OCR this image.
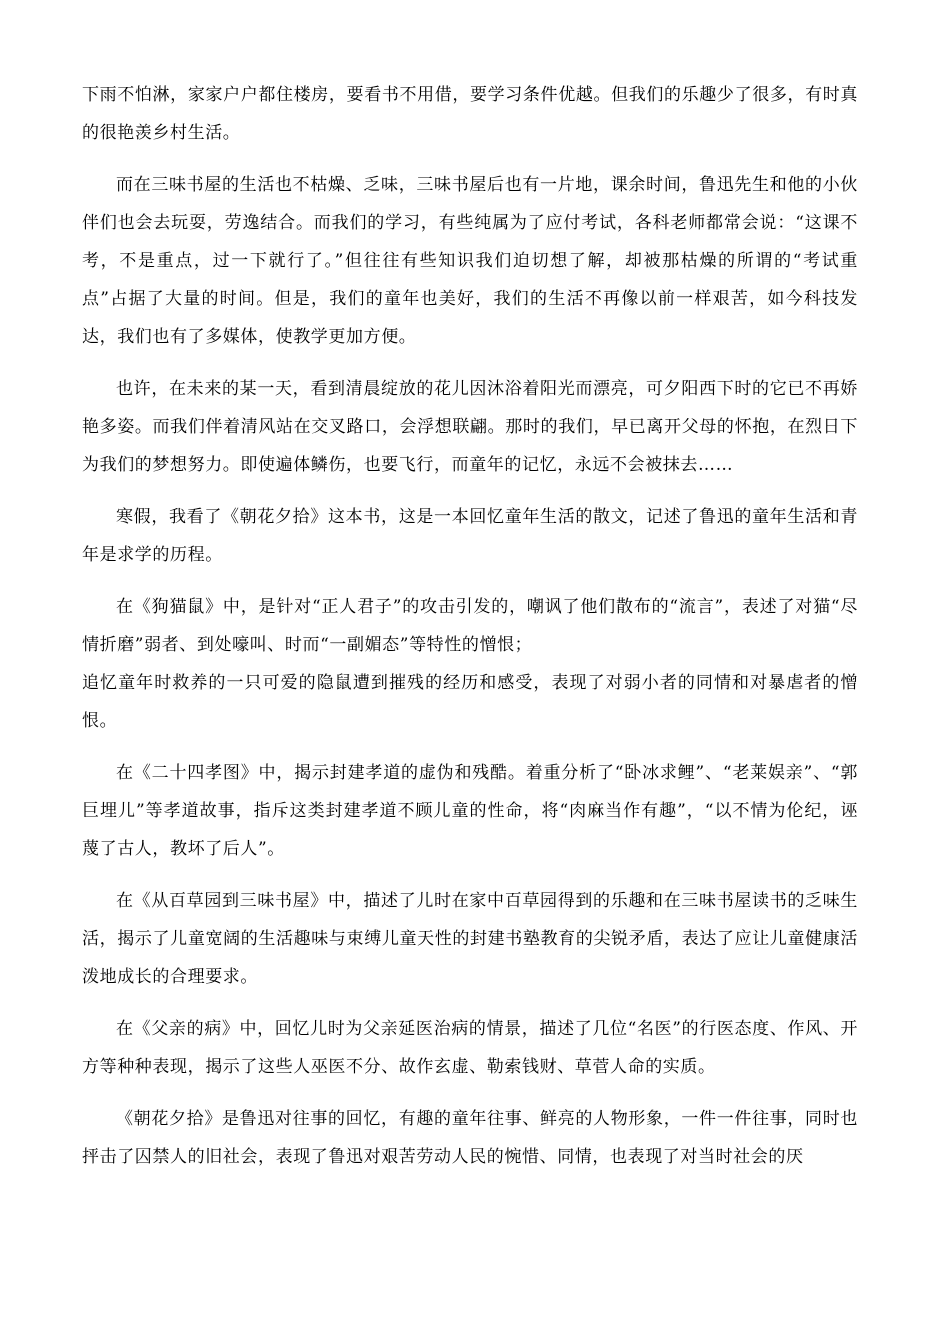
下雨不怕淋，家家户户都住楼房，要看书不用借，要学习条件优越。但我们的乐趣少了很多，有时真的很艳羡乡村生活。

而在三味书屋的生活也不枯燥、乏味，三味书屋后也有一片地，课余时间，鲁迅先生和他的小伙伴们也会去玩耍，劳逸结合。而我们的学习，有些纯属为了应付考试，各科老师都常会说：“这课不考，不是重点，过一下就行了。”但往往有些知识我们迫切想了解，却被那枯燥的所谓的“考试重点”占据了大量的时间。但是，我们的童年也美好，我们的生活不再像以前一样艰苦，如今科技发达，我们也有了多媒体，使教学更加方便。

也许，在未来的某一天，看到清晨绽放的花儿因沐浴着阳光而漂亮，可夕阳西下时的它已不再娇艳多姿。而我们伴着清风站在交叉路口，会浮想联翩。那时的我们，早已离开父母的怀抱，在烈日下为我们的梦想努力。即使遍体鳞伤，也要飞行，而童年的记忆，永远不会被抹去……

寒假，我看了《朝花夕拾》这本书，这是一本回忆童年生活的散文，记述了鲁迅的童年生活和青年是求学的历程。

在《狗猫鼠》中，是针对“正人君子”的攻击引发的，嘲讽了他们散布的“流言”，表述了对猫“尽情折磨”弱者、到处嚎叫、时而“一副媚态”等特性的憎恨；

追忆童年时救养的一只可爱的隐鼠遭到摧残的经历和感受，表现了对弱小者的同情和对暴虐者的憎恨。

在《二十四孝图》中，揭示封建孝道的虚伪和残酷。着重分析了“卧冰求鲤”、“老莱娱亲”、“郭巨埋儿”等孝道故事，指斥这类封建孝道不顾儿童的性命，将“肉麻当作有趣”，“以不情为伦纪，诬蔑了古人，教坏了后人”。

在《从百草园到三味书屋》中，描述了儿时在家中百草园得到的乐趣和在三味书屋读书的乏味生活，揭示了儿童宽阔的生活趣味与束缚儿童天性的封建书塾教育的尖锐矛盾，表达了应让儿童健康活泼地成长的合理要求。

在《父亲的病》中，回忆儿时为父亲延医治病的情景，描述了几位“名医”的行医态度、作风、开方等种种表现，揭示了这些人巫医不分、故作玄虚、勒索钱财、草菅人命的实质。

《朝花夕拾》是鲁迅对往事的回忆，有趣的童年往事、鲜亮的人物形象，一件一件往事，同时也抨击了囚禁人的旧社会，表现了鲁迅对艰苦劳动人民的惋惜、同情，也表现了对当时社会的厌
